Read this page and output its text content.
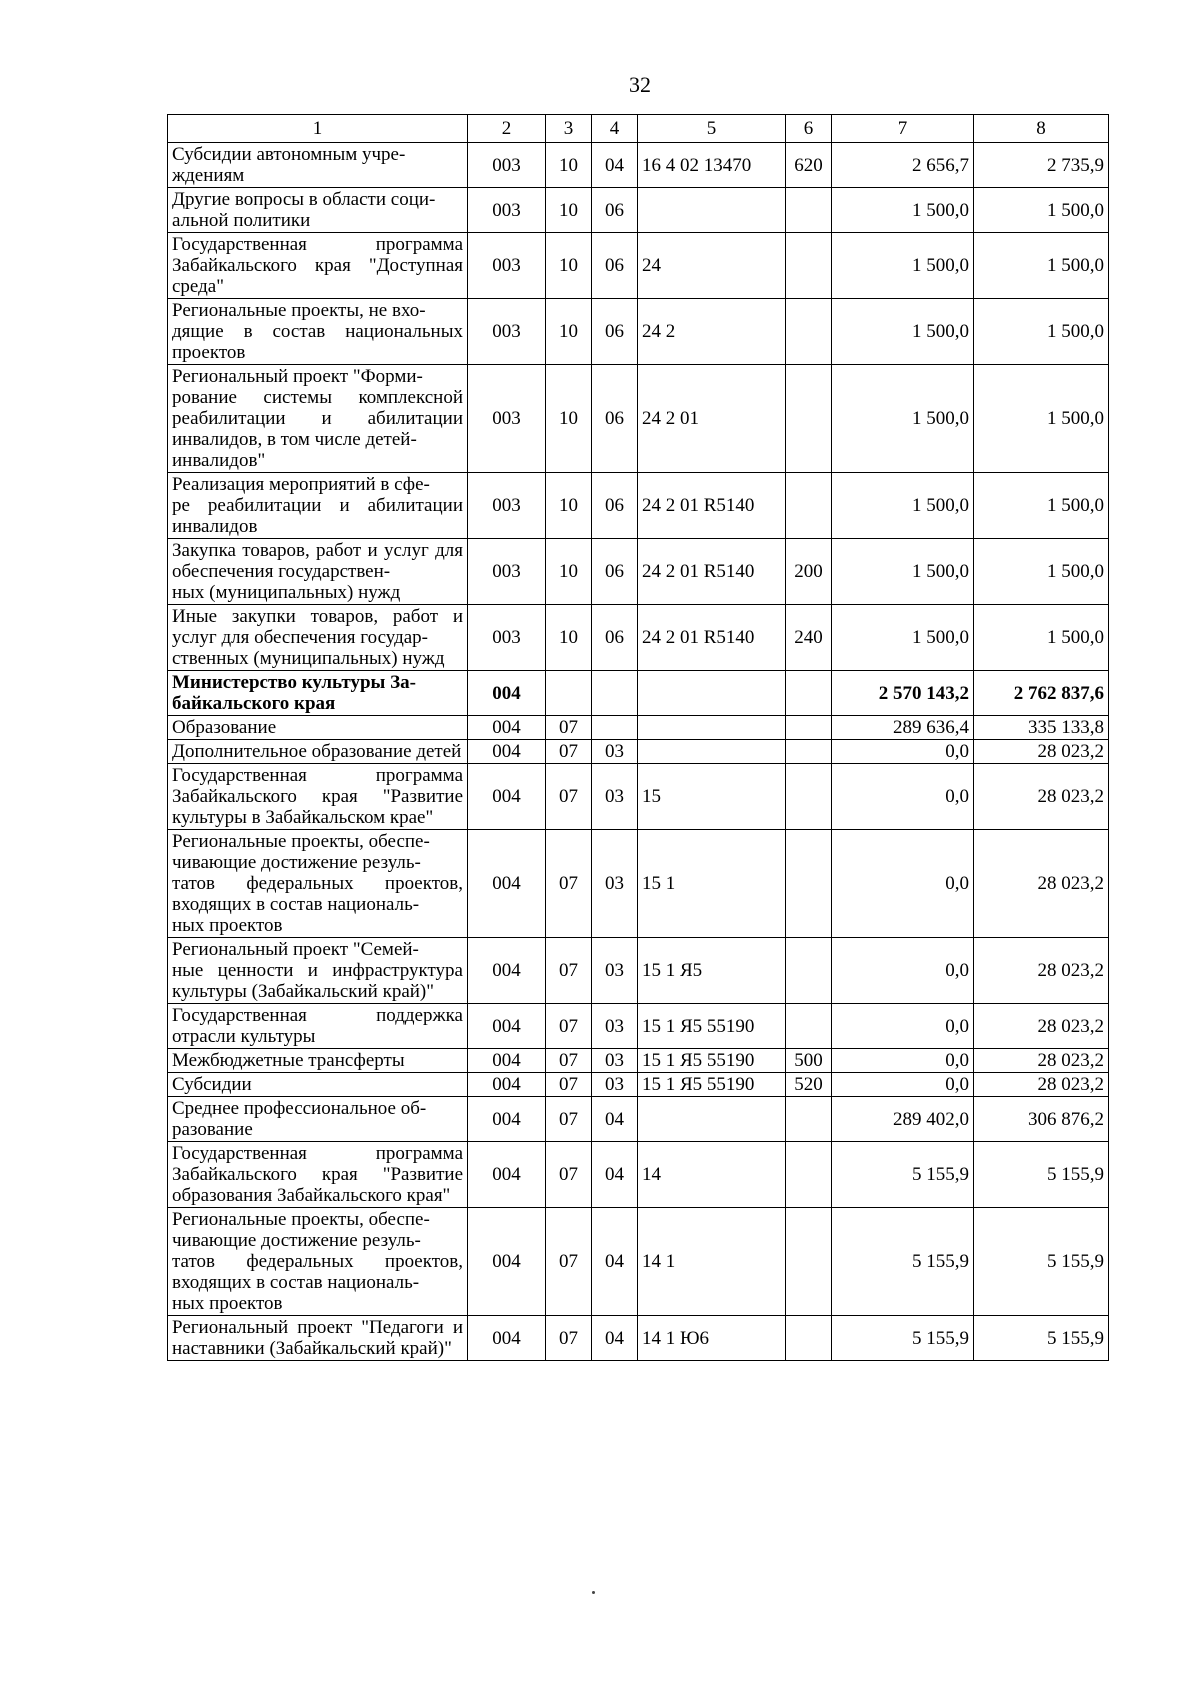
32
1	2	3	4	5	6	7	8
Субсидии автономным учре-
ждениям	003	10	04	16 4 02 13470	620	2 656,7	2 735,9
Другие вопросы в области соци-
альной политики	003	10	06			1 500,0	1 500,0
Государственная программа Забайкальского края "Доступная среда"	003	10	06	24		1 500,0	1 500,0
Региональные проекты, не вхо-
дящие в состав национальных проектов	003	10	06	24 2		1 500,0	1 500,0
Региональный проект "Форми-
рование системы комплексной реабилитации и абилитации инвалидов, в том числе детей-
инвалидов"	003	10	06	24 2 01		1 500,0	1 500,0
Реализация мероприятий в сфе-
ре реабилитации и абилитации инвалидов	003	10	06	24 2 01 R5140		1 500,0	1 500,0
Закупка товаров, работ и услуг для обеспечения государствен-
ных (муниципальных) нужд	003	10	06	24 2 01 R5140	200	1 500,0	1 500,0
Иные закупки товаров, работ и услуг для обеспечения государ-
ственных (муниципальных) нужд	003	10	06	24 2 01 R5140	240	1 500,0	1 500,0
Министерство культуры За-
байкальского края	004					2 570 143,2	2 762 837,6
Образование	004	07				289 636,4	335 133,8
Дополнительное образование детей	004	07	03			0,0	28 023,2
Государственная программа Забайкальского края "Развитие культуры в Забайкальском крае"	004	07	03	15		0,0	28 023,2
Региональные проекты, обеспе-
чивающие достижение резуль-
татов федеральных проектов, входящих в состав националь-
ных проектов	004	07	03	15 1		0,0	28 023,2
Региональный проект "Семей-
ные ценности и инфраструктура культуры (Забайкальский край)"	004	07	03	15 1 Я5		0,0	28 023,2
Государственная поддержка отрасли культуры	004	07	03	15 1 Я5 55190		0,0	28 023,2
Межбюджетные трансферты	004	07	03	15 1 Я5 55190	500	0,0	28 023,2
Субсидии	004	07	03	15 1 Я5 55190	520	0,0	28 023,2
Среднее профессиональное об-
разование	004	07	04			289 402,0	306 876,2
Государственная программа Забайкальского края "Развитие образования Забайкальского края"	004	07	04	14		5 155,9	5 155,9
Региональные проекты, обеспе-
чивающие достижение резуль-
татов федеральных проектов, входящих в состав националь-
ных проектов	004	07	04	14 1		5 155,9	5 155,9
Региональный проект "Педагоги и наставники (Забайкальский край)"	004	07	04	14 1 Ю6		5 155,9	5 155,9
